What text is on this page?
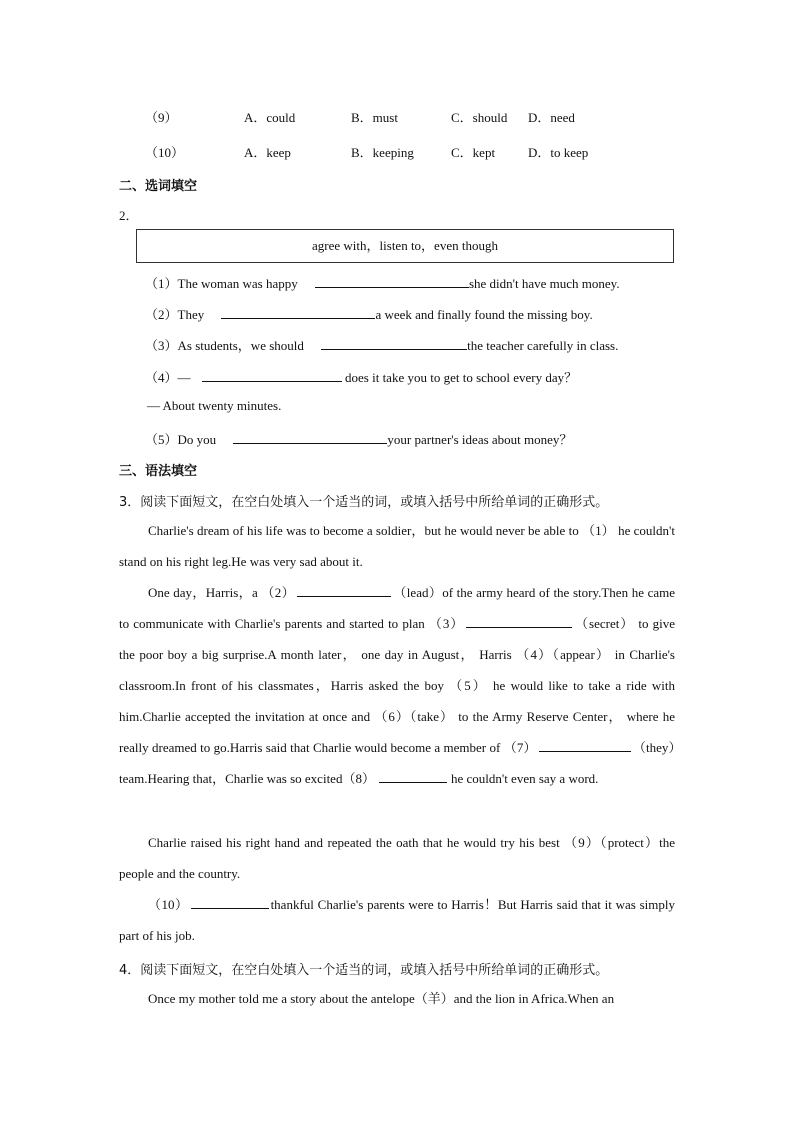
（9）	A．could	B．must	C．should D．need
（10）	A．keep	B．keeping	C．kept	D．to keep
二、选词填空
2．
agree with，listen to，even though
（1）The woman was happy	she didn't have much money.
（2）They	a week and finally found the missing boy.
（3）As students，we should	the teacher carefully in class.
（4）—	does it take you to get to school every day？
— About twenty minutes.
（5）Do you	your partner's ideas about money？
三、语法填空
3．阅读下面短文，在空白处填入一个适当的词，或填入括号中所给单词的正确形式。
Charlie's dream of his life was to become a soldier，but he would never be able to （1） he couldn't stand on his right leg.He was very sad about it.
One day，Harris，a （2）	（lead）of the army heard of the story.Then he came to communicate with Charlie's parents and started to plan （3）	（secret） to give the poor boy a big surprise.A month later， one day in August， Harris （4）（appear） in Charlie's classroom.In front of his classmates，Harris asked the boy （5） he would like to take a ride with him.Charlie accepted the invitation at once and （6）（take） to the Army Reserve Center， where he really dreamed to go.Harris said that Charlie would become a member of （7）	（they）team.Hearing that，Charlie was so excited（8）	he couldn't even say a word.
Charlie raised his right hand and repeated the oath that he would try his best （9）（protect）the people and the country.
（10）	thankful Charlie's parents were to Harris！But Harris said that it was simply part of his job.
4．阅读下面短文，在空白处填入一个适当的词，或填入括号中所给单词的正确形式。
Once my mother told me a story about the antelope（羊）and the lion in Africa.When an
